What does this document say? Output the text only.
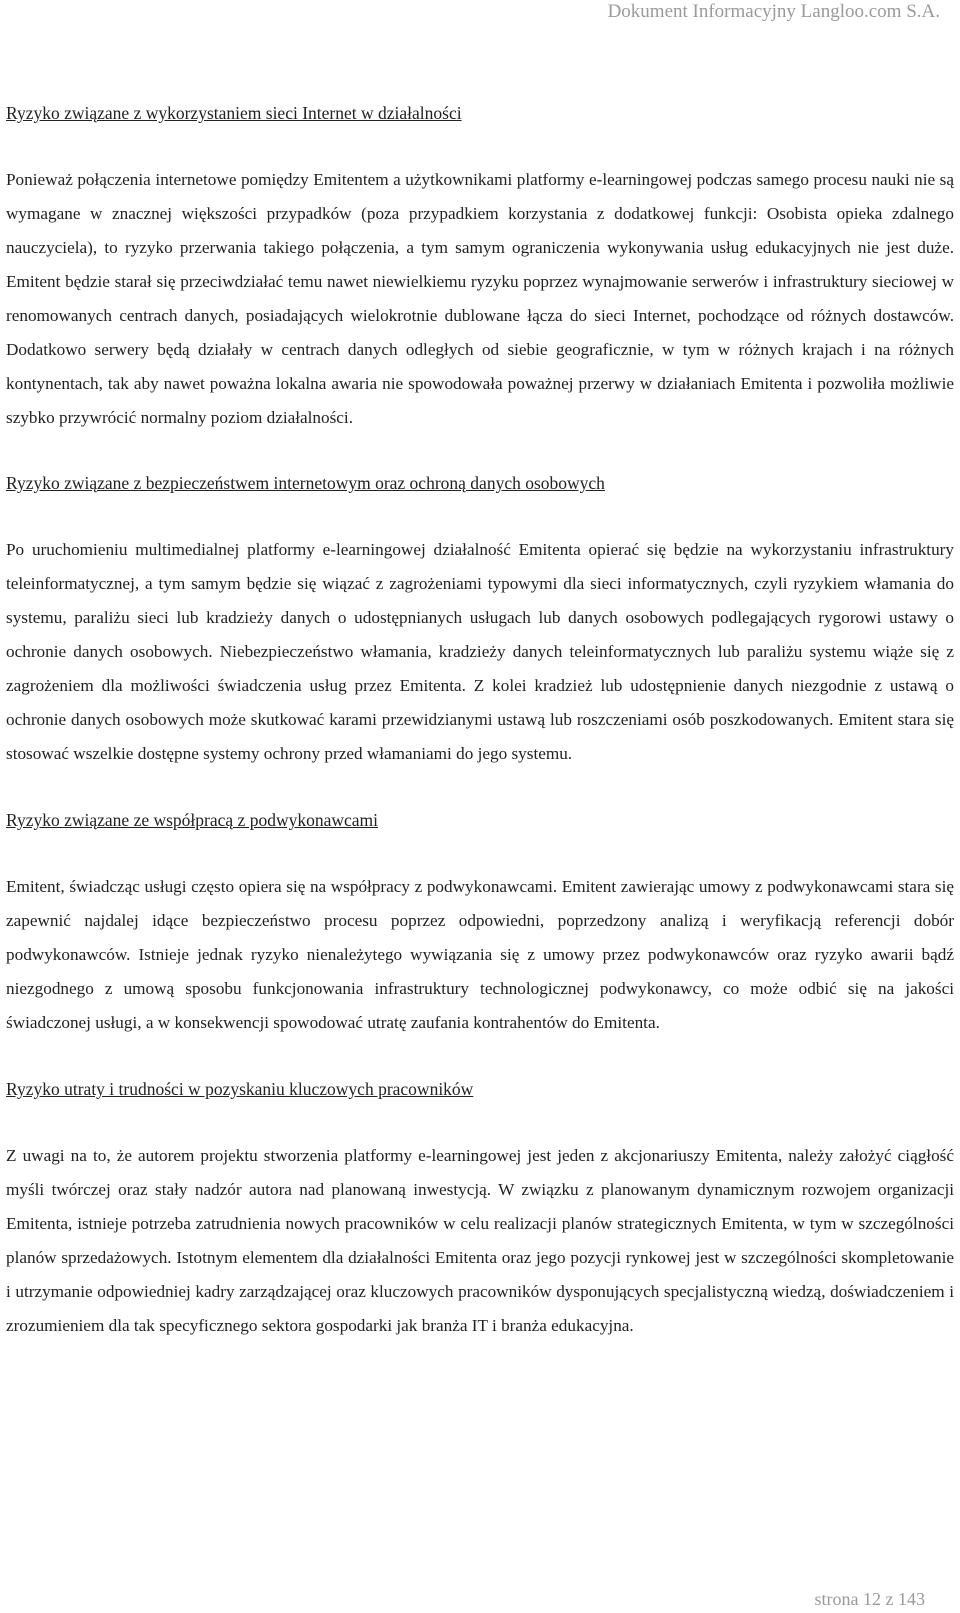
Dokument Informacyjny Langloo.com S.A.
Ryzyko związane z wykorzystaniem sieci Internet w działalności
Ponieważ połączenia internetowe pomiędzy Emitentem a użytkownikami platformy e-learningowej podczas samego procesu nauki nie są wymagane w znacznej większości przypadków (poza przypadkiem korzystania z dodatkowej funkcji: Osobista opieka zdalnego nauczyciela), to ryzyko przerwania takiego połączenia, a tym samym ograniczenia wykonywania usług edukacyjnych nie jest duże. Emitent będzie starał się przeciwdziałać temu nawet niewielkiemu ryzyku poprzez wynajmowanie serwerów i infrastruktury sieciowej w renomowanych centrach danych, posiadających wielokrotnie dublowane łącza do sieci Internet, pochodzące od różnych dostawców. Dodatkowo serwery będą działały w centrach danych odległych od siebie geograficznie, w tym w różnych krajach i na różnych kontynentach, tak aby nawet poważna lokalna awaria nie spowodowała poważnej przerwy w działaniach Emitenta i pozwoliła możliwie szybko przywrócić normalny poziom działalności.
Ryzyko związane z bezpieczeństwem internetowym oraz ochroną danych osobowych
Po uruchomieniu multimedialnej platformy e-learningowej działalność Emitenta opierać się będzie na wykorzystaniu infrastruktury teleinformatycznej, a tym samym będzie się wiązać z zagrożeniami typowymi dla sieci informatycznych, czyli ryzykiem włamania do systemu, paraliżu sieci lub kradzieży danych o udostępnianych usługach lub danych osobowych podlegających rygorowi ustawy o ochronie danych osobowych. Niebezpieczeństwo włamania, kradzieży danych teleinformatycznych lub paraliżu systemu wiąże się z zagrożeniem dla możliwości świadczenia usług przez Emitenta. Z kolei kradzież lub udostępnienie danych niezgodnie z ustawą o ochronie danych osobowych może skutkować karami przewidzianymi ustawą lub roszczeniami osób poszkodowanych. Emitent stara się stosować wszelkie dostępne systemy ochrony przed włamaniami do jego systemu.
Ryzyko związane ze współpracą z podwykonawcami
Emitent, świadcząc usługi często opiera się na współpracy z podwykonawcami. Emitent zawierając umowy z podwykonawcami stara się zapewnić najdalej idące bezpieczeństwo procesu poprzez odpowiedni, poprzedzony analizą i weryfikacją referencji dobór podwykonawców. Istnieje jednak ryzyko nienależytego wywiązania się z umowy przez podwykonawców oraz ryzyko awarii bądź niezgodnego z umową sposobu funkcjonowania infrastruktury technologicznej podwykonawcy, co może odbić się na jakości świadczonej usługi, a w konsekwencji spowodować utratę zaufania kontrahentów do Emitenta.
Ryzyko utraty i trudności w pozyskaniu kluczowych pracowników
Z uwagi na to, że autorem projektu stworzenia platformy e-learningowej jest jeden z akcjonariuszy Emitenta, należy założyć ciągłość myśli twórczej oraz stały nadzór autora nad planowaną inwestycją. W związku z planowanym dynamicznym rozwojem organizacji Emitenta, istnieje potrzeba zatrudnienia nowych pracowników w celu realizacji planów strategicznych Emitenta, w tym w szczególności planów sprzedażowych. Istotnym elementem dla działalności Emitenta oraz jego pozycji rynkowej jest w szczególności skompletowanie i utrzymanie odpowiedniej kadry zarządzającej oraz kluczowych pracowników dysponujących specjalistyczną wiedzą, doświadczeniem i zrozumieniem dla tak specyficznego sektora gospodarki jak branża IT i branża edukacyjna.
strona 12 z 143
